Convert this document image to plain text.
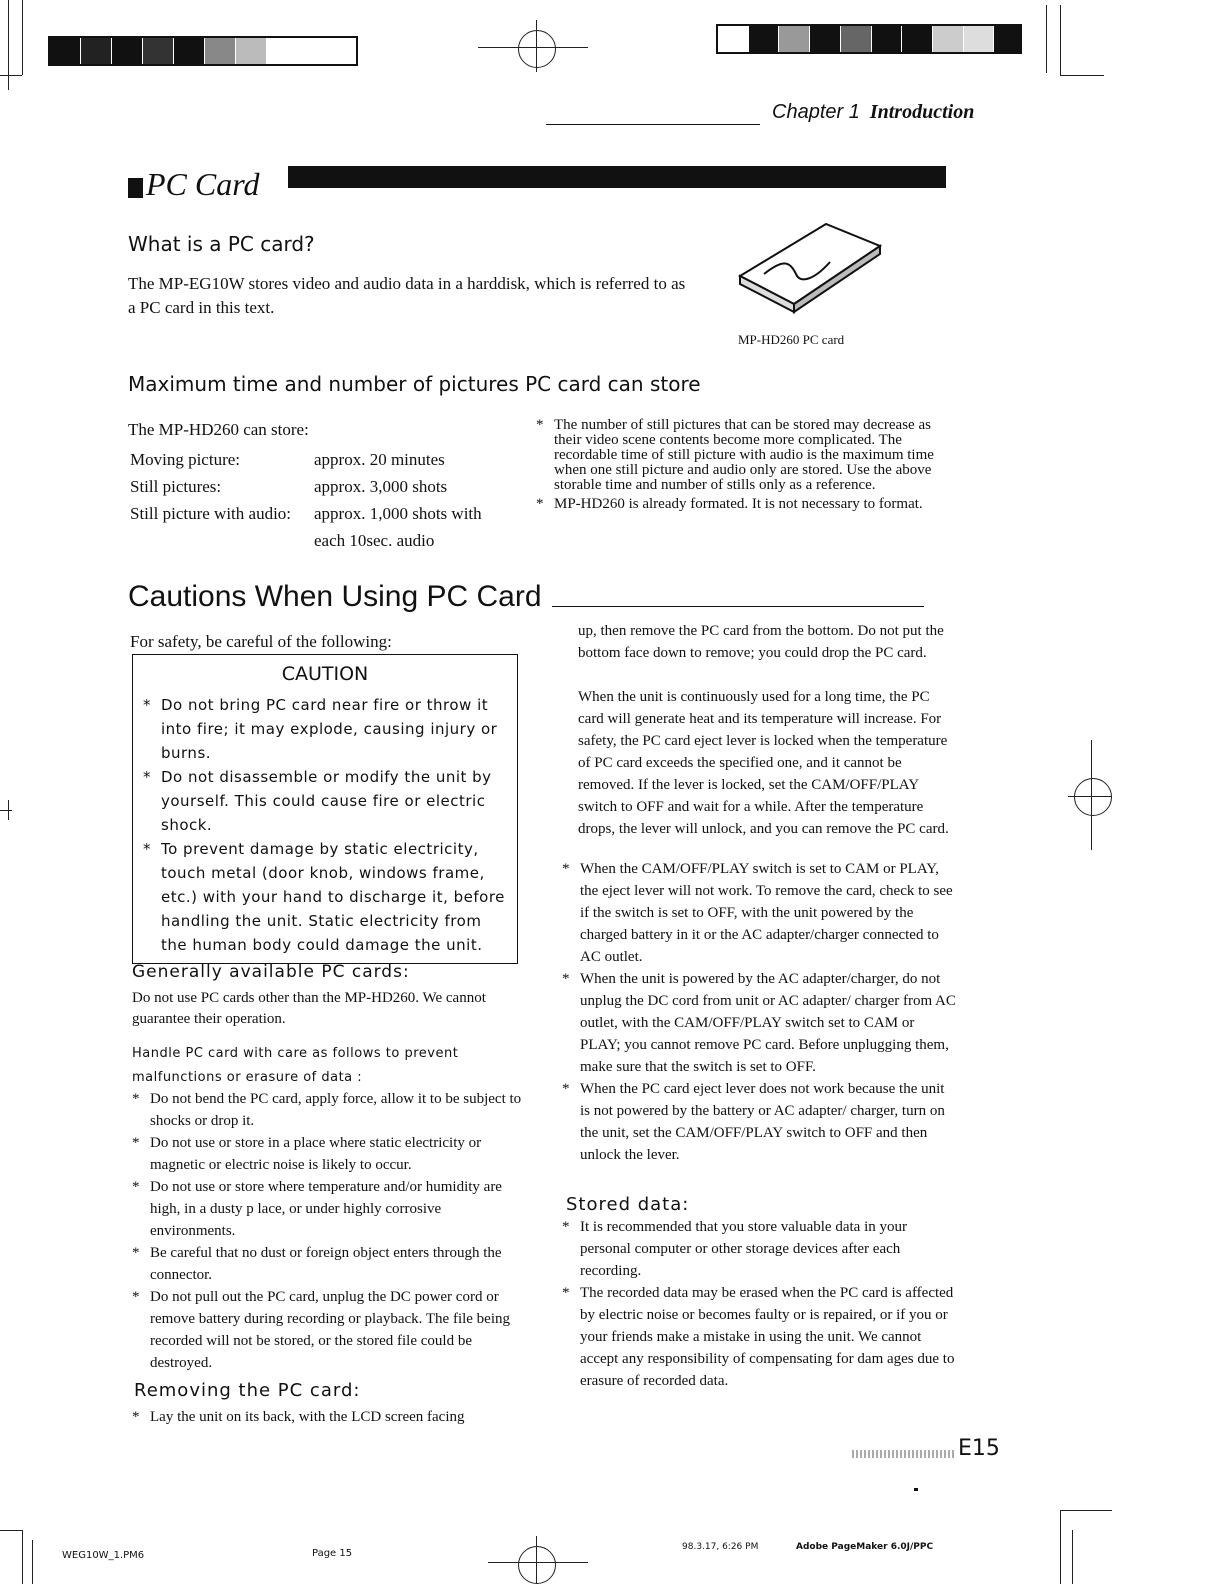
Chapter 1 Introduction
PC Card
What is a PC card?
The MP-EG10W stores video and audio data in a harddisk, which is referred to as a PC card in this text.
MP-HD260 PC card
Maximum time and number of pictures PC card can store
The MP-HD260 can store:
Moving picture:	approx. 20 minutes
Still pictures:	approx. 3,000 shots
Still picture with audio:	approx. 1,000 shots with
each 10sec. audio
* The number of still pictures that can be stored may decrease as their video scene contents become more complicated. The recordable time of still picture with audio is the maximum time when one still picture and audio only are stored. Use the above storable time and number of stills only as a reference.
* MP-HD260 is already formated. It is not necessary to format.
Cautions When Using PC Card
For safety, be careful of the following:
CAUTION
* Do not bring PC card near fire or throw it into fire; it may explode, causing injury or burns.
* Do not disassemble or modify the unit by yourself. This could cause fire or electric shock.
* To prevent damage by static electricity, touch metal (door knob, windows frame, etc.) with your hand to discharge it, before handling the unit. Static electricity from the human body could damage the unit.
Generally available PC cards:
Do not use PC cards other than the MP-HD260. We cannot guarantee their operation.
Handle PC card with care as follows to prevent malfunctions or erasure of data :
* Do not bend the PC card, apply force, allow it to be subject to shocks or drop it.
* Do not use or store in a place where static electricity or magnetic or electric noise is likely to occur.
* Do not use or store where temperature and/or humidity are high, in a dusty p lace, or under highly corrosive environments.
* Be careful that no dust or foreign object enters through the connector.
* Do not pull out the PC card, unplug the DC power cord or remove battery during recording or playback. The file being recorded will not be stored, or the stored file could be destroyed.
Removing the PC card:
* Lay the unit on its back, with the LCD screen facing
up, then remove the PC card from the bottom. Do not put the bottom face down to remove; you could drop the PC card.
When the unit is continuously used for a long time, the PC card will generate heat and its temperature will increase. For safety, the PC card eject lever is locked when the temperature of PC card exceeds the specified one, and it cannot be removed. If the lever is locked, set the CAM/OFF/PLAY switch to OFF and wait for a while. After the temperature drops, the lever will unlock, and you can remove the PC card.
* When the CAM/OFF/PLAY switch is set to CAM or PLAY, the eject lever will not work. To remove the card, check to see if the switch is set to OFF, with the unit powered by the charged battery in it or the AC adapter/charger connected to AC outlet.
* When the unit is powered by the AC adapter/charger, do not unplug the DC cord from unit or AC adapter/ charger from AC outlet, with the CAM/OFF/PLAY switch set to CAM or PLAY; you cannot remove PC card. Before unplugging them, make sure that the switch is set to OFF.
* When the PC card eject lever does not work because the unit is not powered by the battery or AC adapter/ charger, turn on the unit, set the CAM/OFF/PLAY switch to OFF and then unlock the lever.
Stored data:
* It is recommended that you store valuable data in your personal computer or other storage devices after each recording.
* The recorded data may be erased when the PC card is affected by electric noise or becomes faulty or is repaired, or if you or your friends make a mistake in using the unit. We cannot accept any responsibility of compensating for dam ages due to erasure of recorded data.
E15
WEG10W_1.PM6	Page 15
98.3.17, 6:26 PM	Adobe PageMaker 6.0J/PPC
